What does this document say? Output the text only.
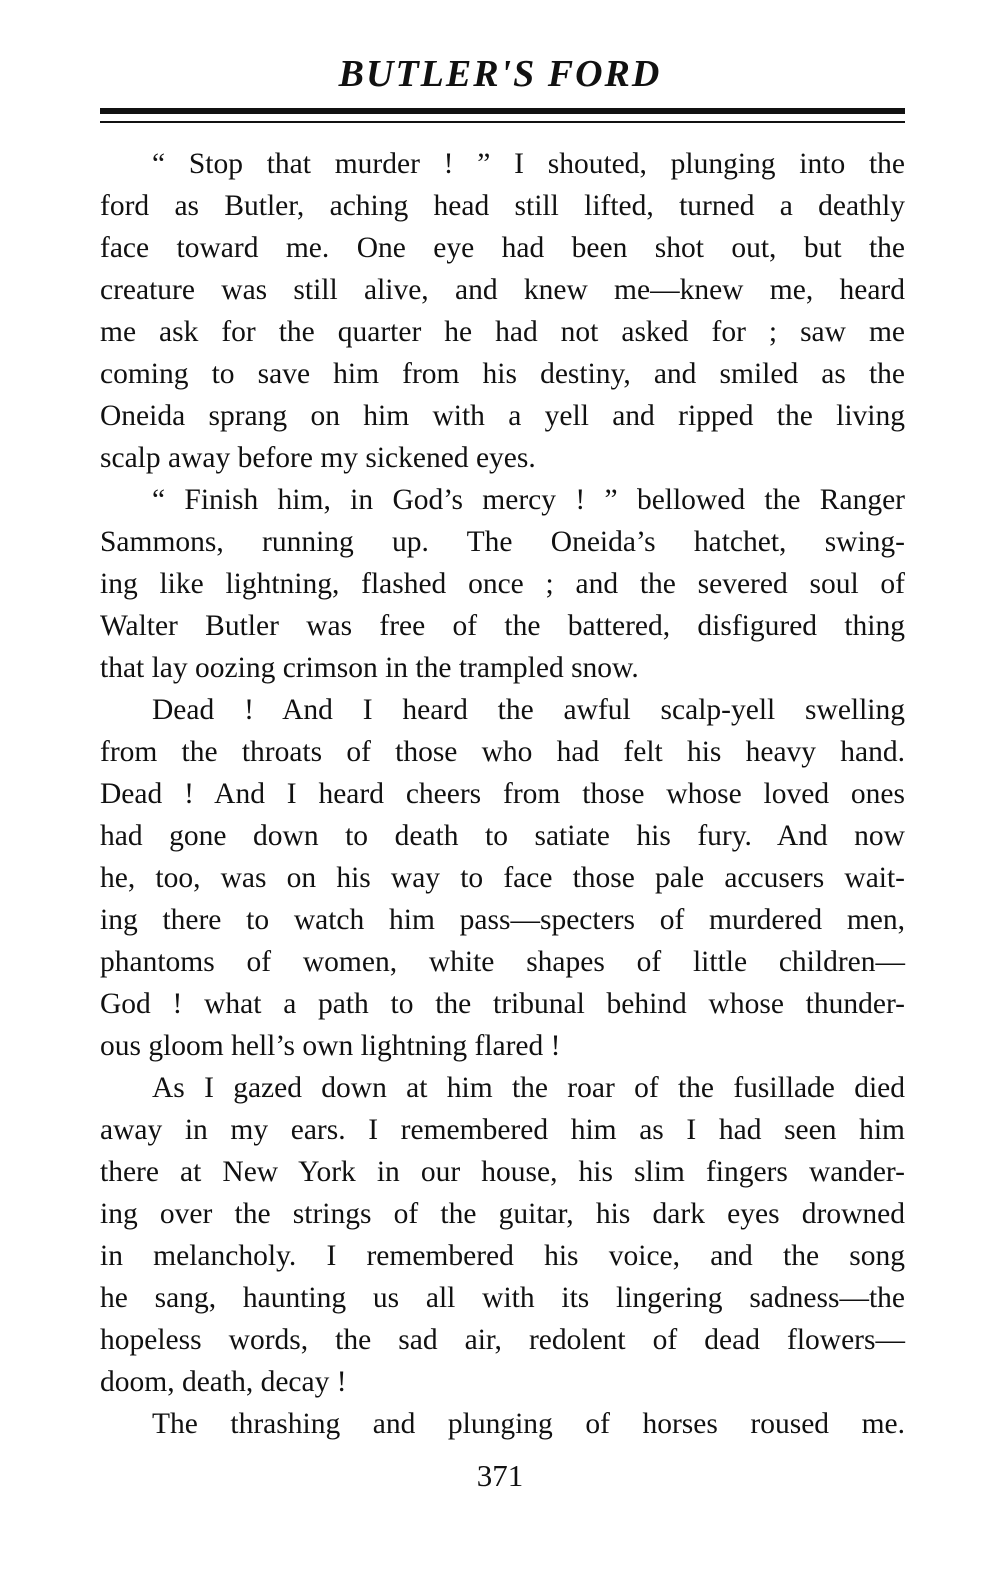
BUTLER'S FORD
“ Stop that murder ! ” I shouted, plunging into the
ford as Butler, aching head still lifted, turned a deathly
face toward me. One eye had been shot out, but the
creature was still alive, and knew me—knew me, heard
me ask for the quarter he had not asked for ; saw me
coming to save him from his destiny, and smiled as the
Oneida sprang on him with a yell and ripped the living
scalp away before my sickened eyes.
“ Finish him, in God’s mercy ! ” bellowed the Ranger
Sammons, running up. The Oneida’s hatchet, swing-
ing like lightning, flashed once ; and the severed soul of
Walter Butler was free of the battered, disfigured thing
that lay oozing crimson in the trampled snow.
Dead ! And I heard the awful scalp-yell swelling
from the throats of those who had felt his heavy hand.
Dead ! And I heard cheers from those whose loved ones
had gone down to death to satiate his fury. And now
he, too, was on his way to face those pale accusers wait-
ing there to watch him pass—specters of murdered men,
phantoms of women, white shapes of little children—
God ! what a path to the tribunal behind whose thunder-
ous gloom hell’s own lightning flared !
As I gazed down at him the roar of the fusillade died
away in my ears. I remembered him as I had seen him
there at New York in our house, his slim fingers wander-
ing over the strings of the guitar, his dark eyes drowned
in melancholy. I remembered his voice, and the song
he sang, haunting us all with its lingering sadness—the
hopeless words, the sad air, redolent of dead flowers—
doom, death, decay !
The thrashing and plunging of horses roused me.
371
